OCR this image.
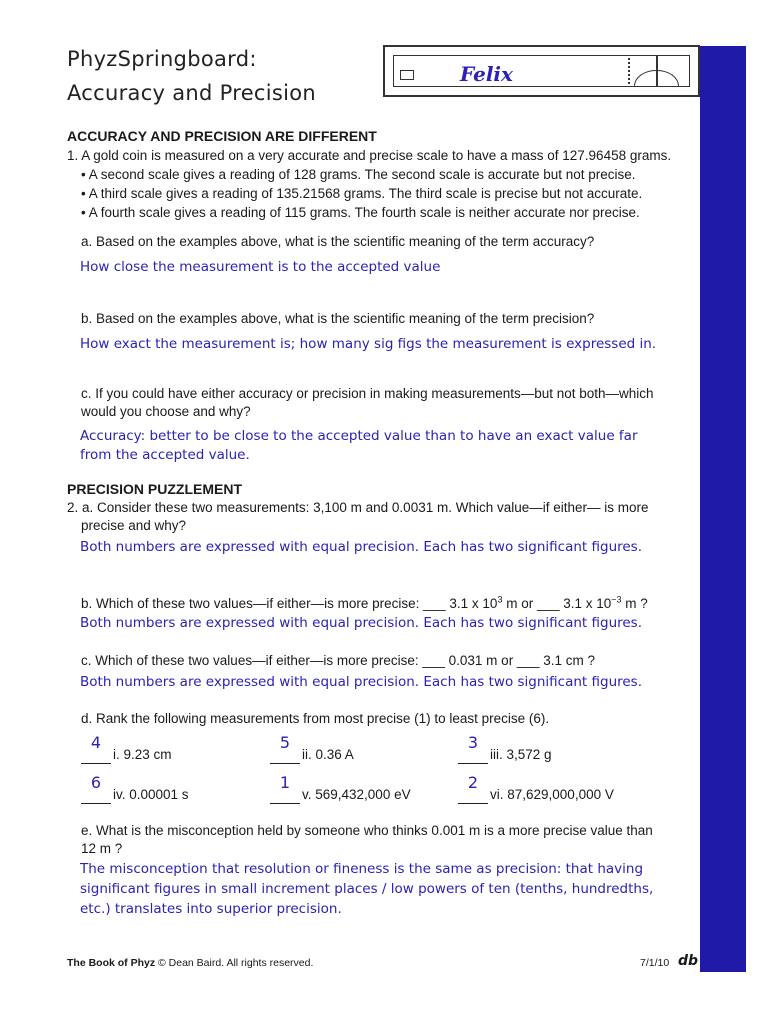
PhyzSpringboard:
Accuracy and Precision
Felix
ACCURACY AND PRECISION ARE DIFFERENT
1. A gold coin is measured on a very accurate and precise scale to have a mass of 127.96458 grams.
• A second scale gives a reading of 128 grams. The second scale is accurate but not precise.
• A third scale gives a reading of 135.21568 grams. The third scale is precise but not accurate.
• A fourth scale gives a reading of 115 grams. The fourth scale is neither accurate nor precise.
a. Based on the examples above, what is the scientific meaning of the term accuracy?
How close the measurement is to the accepted value
b. Based on the examples above, what is the scientific meaning of the term precision?
How exact the measurement is; how many sig figs the measurement is expressed in.
c. If you could have either accuracy or precision in making measurements—but not both—which
would you choose and why?
Accuracy: better to be close to the accepted value than to have an exact value far
from the accepted value.
PRECISION PUZZLEMENT
2. a. Consider these two measurements: 3,100 m and 0.0031 m. Which value—if either— is more
precise and why?
Both numbers are expressed with equal precision. Each has two significant figures.
b. Which of these two values—if either—is more precise: ___ 3.1 x $10^3$ m or ___ 3.1 x $10^{-3}$ m ?
Both numbers are expressed with equal precision. Each has two significant figures.
c. Which of these two values—if either—is more precise: ___ 0.031 m or ___ 3.1 cm ?
Both numbers are expressed with equal precision. Each has two significant figures.
d. Rank the following measurements from most precise (1) to least precise (6).
4
i. 9.23 cm
5
ii. 0.36 A
3
iii. 3,572 g
6
iv. 0.00001 s
1
v. 569,432,000 eV
2
vi. 87,629,000,000 V
e. What is the misconception held by someone who thinks 0.001 m is a more precise value than
12 m ?
The misconception that resolution or fineness is the same as precision: that having
significant figures in small increment places / low powers of ten (tenths, hundredths,
etc.) translates into superior precision.
The Book of Phyz © Dean Baird. All rights reserved.	7/1/10 db
